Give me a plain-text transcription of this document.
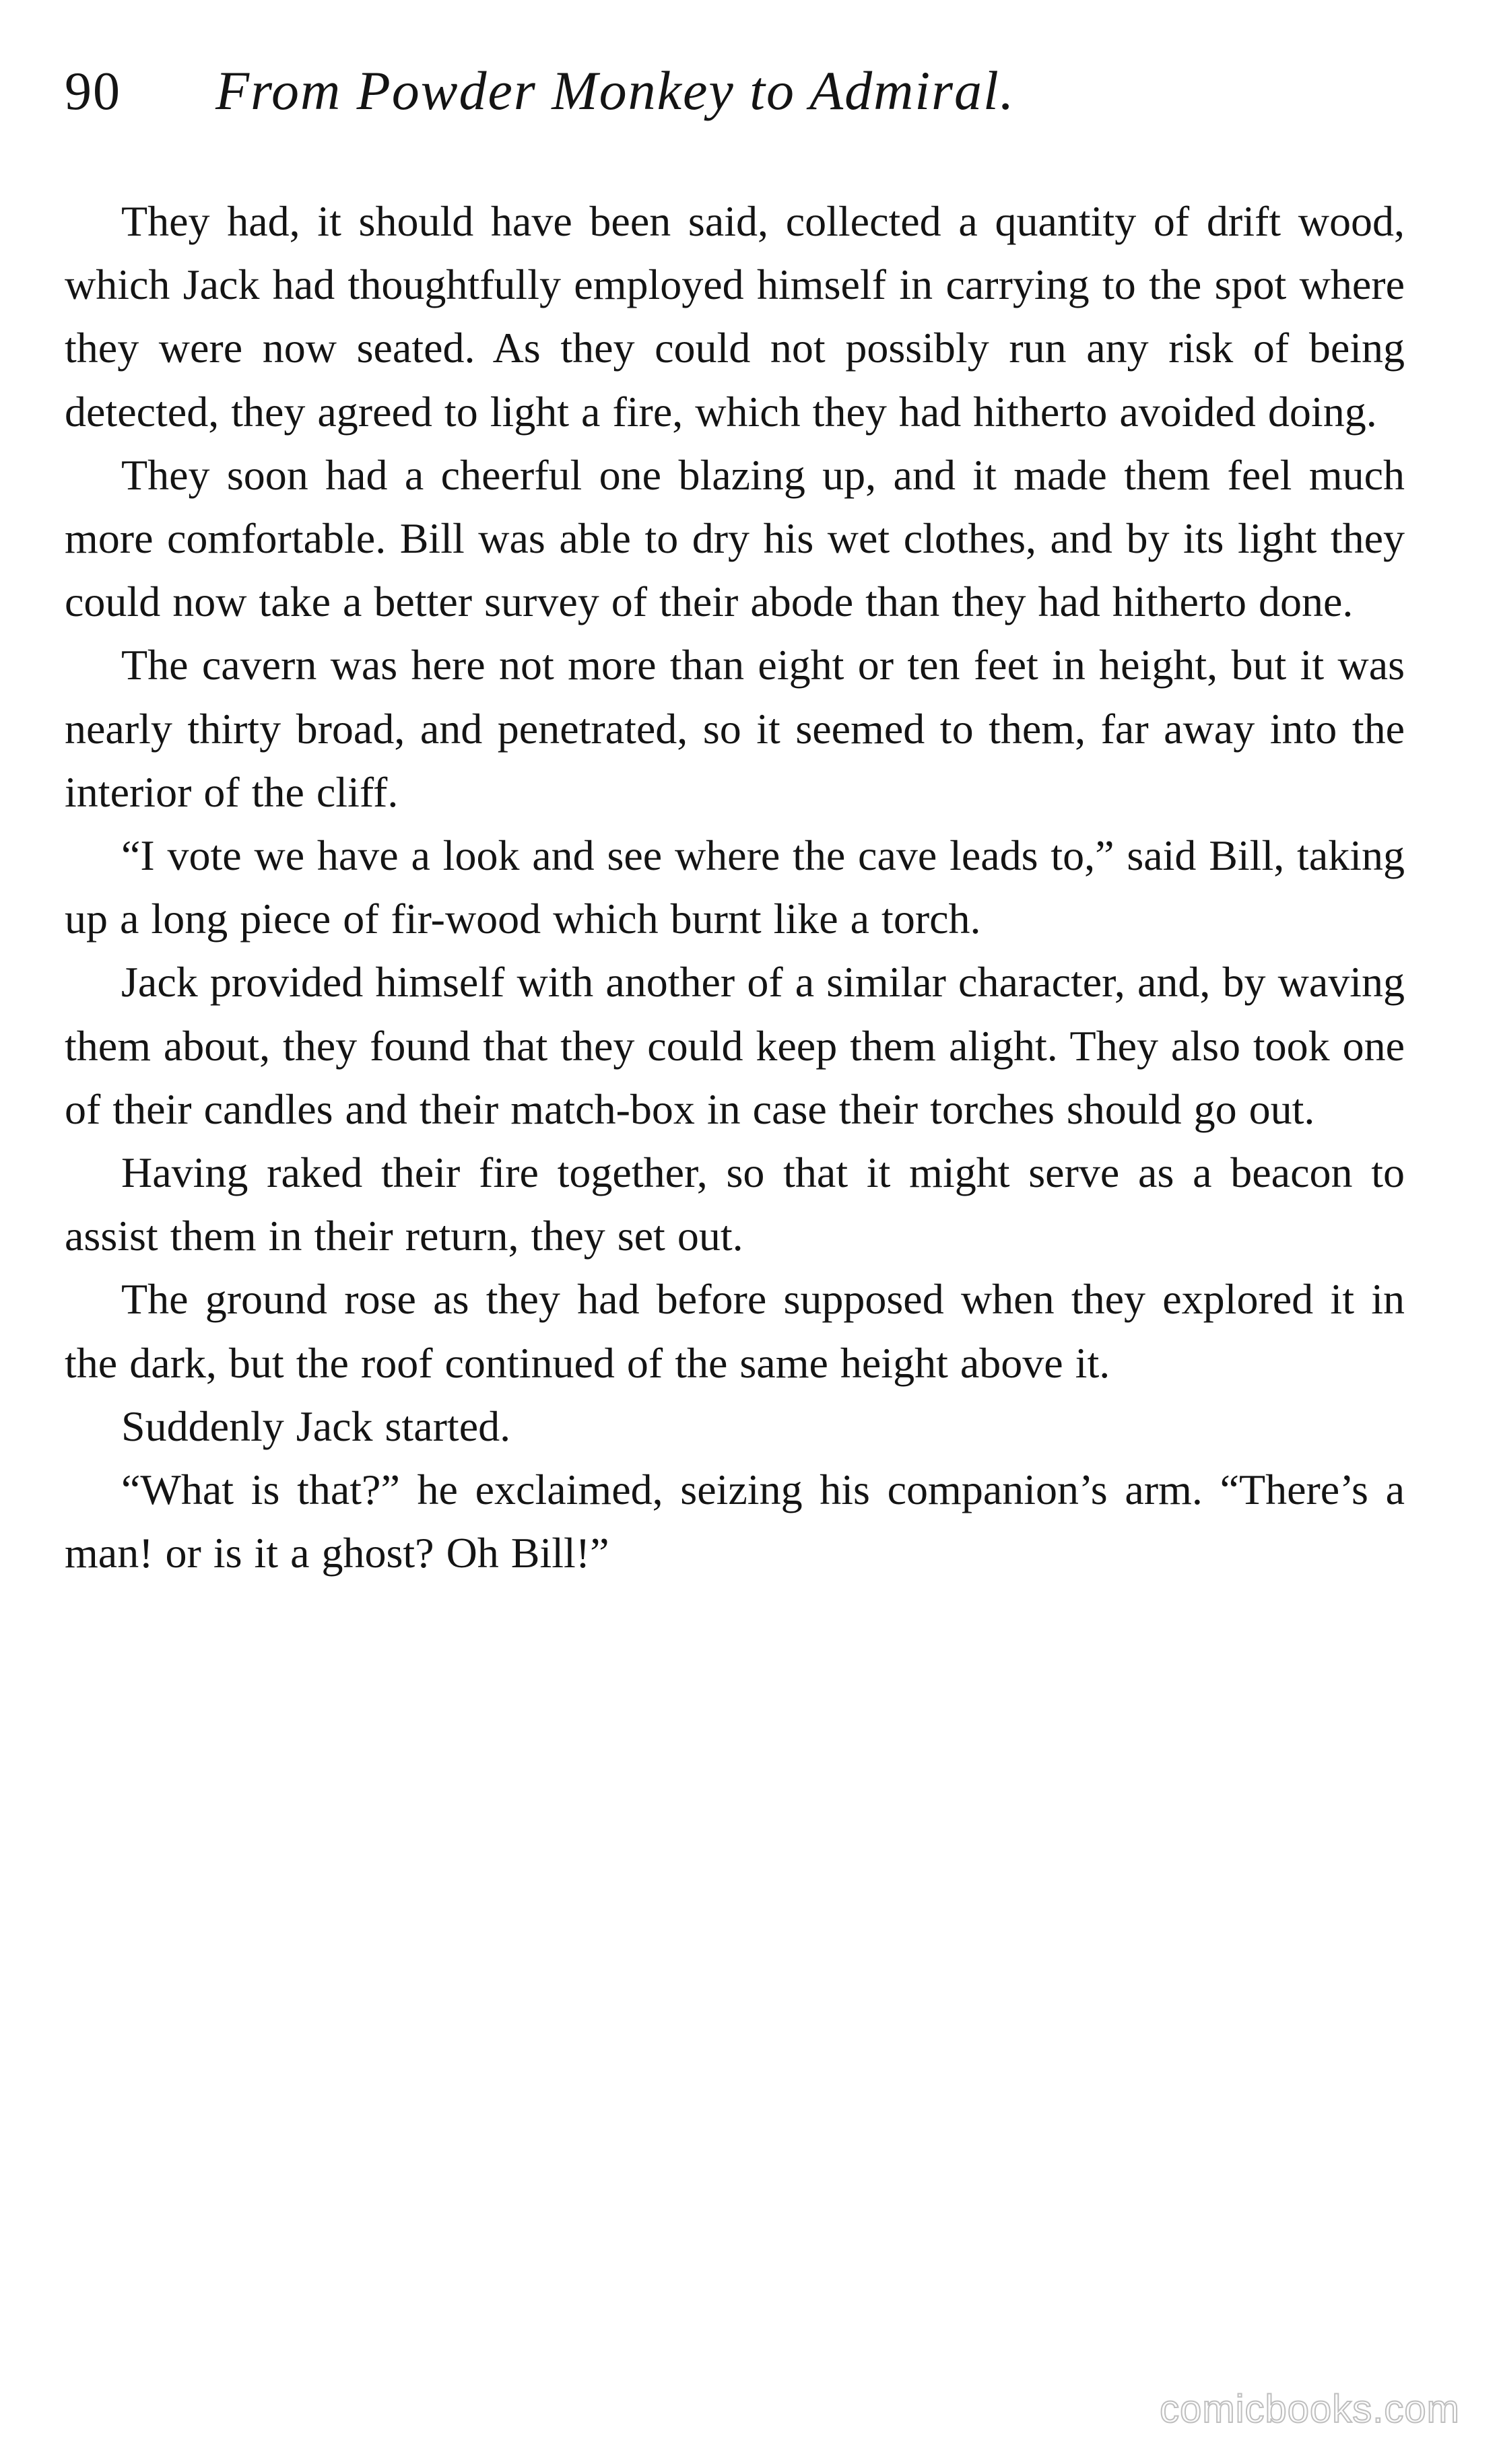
90 From Powder Monkey to Admiral.

They had, it should have been said, collected a quantity of drift wood, which Jack had thoughtfully employed himself in carrying to the spot where they were now seated. As they could not possibly run any risk of being detected, they agreed to light a fire, which they had hitherto avoided doing.

They soon had a cheerful one blazing up, and it made them feel much more comfortable. Bill was able to dry his wet clothes, and by its light they could now take a better survey of their abode than they had hitherto done.

The cavern was here not more than eight or ten feet in height, but it was nearly thirty broad, and penetrated, so it seemed to them, far away into the interior of the cliff.

“I vote we have a look and see where the cave leads to,” said Bill, taking up a long piece of fir-wood which burnt like a torch.

Jack provided himself with another of a similar character, and, by waving them about, they found that they could keep them alight. They also took one of their candles and their match-box in case their torches should go out.

Having raked their fire together, so that it might serve as a beacon to assist them in their return, they set out.

The ground rose as they had before supposed when they explored it in the dark, but the roof continued of the same height above it.

Suddenly Jack started.

“What is that?” he exclaimed, seizing his companion’s arm. “There’s a man! or is it a ghost? Oh Bill!”

comicbooks.com
